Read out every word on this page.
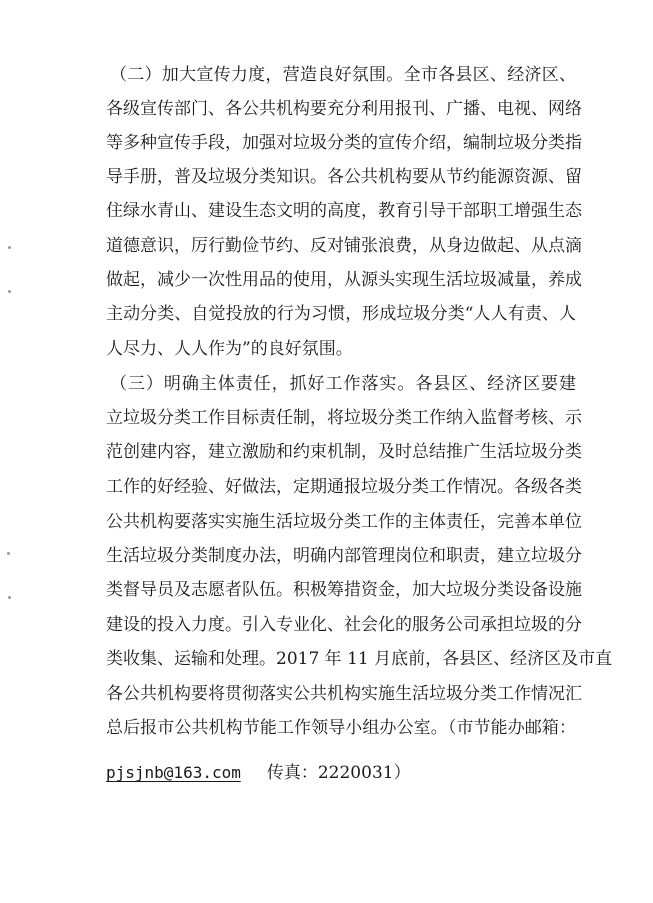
（二）加大宣传力度，营造良好氛围。全市各县区、经济区、
各级宣传部门、各公共机构要充分利用报刊、广播、电视、网络
等多种宣传手段，加强对垃圾分类的宣传介绍，编制垃圾分类指
导手册，普及垃圾分类知识。各公共机构要从节约能源资源、留
住绿水青山、建设生态文明的高度，教育引导干部职工增强生态
道德意识，厉行勤俭节约、反对铺张浪费，从身边做起、从点滴
做起，减少一次性用品的使用，从源头实现生活垃圾减量，养成
主动分类、自觉投放的行为习惯，形成垃圾分类“人人有责、人
人尽力、人人作为”的良好氛围。
（三）明确主体责任，抓好工作落实。各县区、经济区要建
立垃圾分类工作目标责任制，将垃圾分类工作纳入监督考核、示
范创建内容，建立激励和约束机制，及时总结推广生活垃圾分类
工作的好经验、好做法，定期通报垃圾分类工作情况。各级各类
公共机构要落实实施生活垃圾分类工作的主体责任，完善本单位
生活垃圾分类制度办法，明确内部管理岗位和职责，建立垃圾分
类督导员及志愿者队伍。积极筹措资金，加大垃圾分类设备设施
建设的投入力度。引入专业化、社会化的服务公司承担垃圾的分
类收集、运输和处理。2017 年 11 月底前，各县区、经济区及市直
各公共机构要将贯彻落实公共机构实施生活垃圾分类工作情况汇
总后报市公共机构节能工作领导小组办公室。（市节能办邮箱：
pjsjnb@163.com 传真：2220031）
